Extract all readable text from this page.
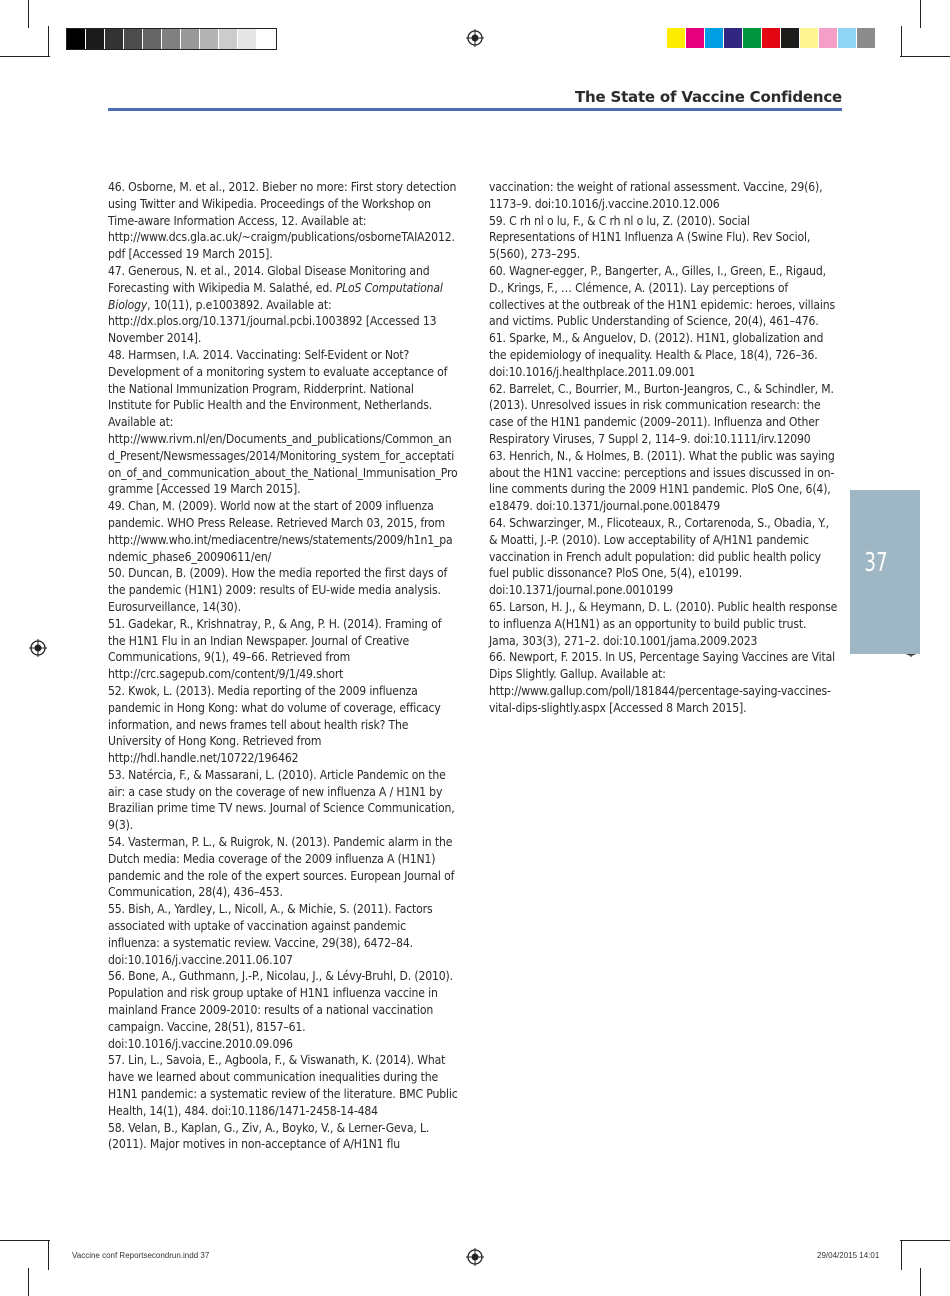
The State of Vaccine Confidence

46. Osborne, M. et al., 2012. Bieber no more: First story detection using Twitter and Wikipedia. Proceedings of the Workshop on Time-aware Information Access, 12. Available at: http://www.dcs.gla.ac.uk/~craigm/publications/osborneTAIA2012.pdf [Accessed 19 March 2015].

47. Generous, N. et al., 2014. Global Disease Monitoring and Forecasting with Wikipedia M. Salathé, ed. PLoS Computational Biology, 10(11), p.e1003892. Available at: http://dx.plos.org/10.1371/journal.pcbi.1003892 [Accessed 13 November 2014].

48. Harmsen, I.A. 2014. Vaccinating: Self-Evident or Not? Development of a monitoring system to evaluate acceptance of the National Immunization Program, Ridderprint. National Institute for Public Health and the Environment, Netherlands. Available at: http://www.rivm.nl/en/Documents_and_publications/Common_and_Present/Newsmessages/2014/Monitoring_system_for_acceptation_of_and_communication_about_the_National_Immunisation_Programme [Accessed 19 March 2015].

49. Chan, M. (2009). World now at the start of 2009 influenza pandemic. WHO Press Release. Retrieved March 03, 2015, from http://www.who.int/mediacentre/news/statements/2009/h1n1_pandemic_phase6_20090611/en/

50. Duncan, B. (2009). How the media reported the first days of the pandemic (H1N1) 2009: results of EU-wide media analysis. Eurosurveillance, 14(30).

51. Gadekar, R., Krishnatray, P., & Ang, P. H. (2014). Framing of the H1N1 Flu in an Indian Newspaper. Journal of Creative Communications, 9(1), 49–66. Retrieved from http://crc.sagepub.com/content/9/1/49.short

52. Kwok, L. (2013). Media reporting of the 2009 influenza pandemic in Hong Kong: what do volume of coverage, efficacy information, and news frames tell about health risk? The University of Hong Kong. Retrieved from http://hdl.handle.net/10722/196462

53. Natércia, F., & Massarani, L. (2010). Article Pandemic on the air: a case study on the coverage of new influenza A / H1N1 by Brazilian prime time TV news. Journal of Science Communication, 9(3).

54. Vasterman, P. L., & Ruigrok, N. (2013). Pandemic alarm in the Dutch media: Media coverage of the 2009 influenza A (H1N1) pandemic and the role of the expert sources. European Journal of Communication, 28(4), 436–453.

55. Bish, A., Yardley, L., Nicoll, A., & Michie, S. (2011). Factors associated with uptake of vaccination against pandemic influenza: a systematic review. Vaccine, 29(38), 6472–84. doi:10.1016/j.vaccine.2011.06.107

56. Bone, A., Guthmann, J.-P., Nicolau, J., & Lévy-Bruhl, D. (2010). Population and risk group uptake of H1N1 influenza vaccine in mainland France 2009-2010: results of a national vaccination campaign. Vaccine, 28(51), 8157–61. doi:10.1016/j.vaccine.2010.09.096

57. Lin, L., Savoia, E., Agboola, F., & Viswanath, K. (2014). What have we learned about communication inequalities during the H1N1 pandemic: a systematic review of the literature. BMC Public Health, 14(1), 484. doi:10.1186/1471-2458-14-484

58. Velan, B., Kaplan, G., Ziv, A., Boyko, V., & Lerner-Geva, L. (2011). Major motives in non-acceptance of A/H1N1 flu

vaccination: the weight of rational assessment. Vaccine, 29(6), 1173–9. doi:10.1016/j.vaccine.2010.12.006

59. C rh nl o lu, F., & C rh nl o lu, Z. (2010). Social Representations of H1N1 Influenza A (Swine Flu). Rev Sociol, 5(560), 273–295.

60. Wagner-egger, P., Bangerter, A., Gilles, I., Green, E., Rigaud, D., Krings, F., … Clémence, A. (2011). Lay perceptions of collectives at the outbreak of the H1N1 epidemic: heroes, villains and victims. Public Understanding of Science, 20(4), 461–476.

61. Sparke, M., & Anguelov, D. (2012). H1N1, globalization and the epidemiology of inequality. Health & Place, 18(4), 726–36. doi:10.1016/j.healthplace.2011.09.001

62. Barrelet, C., Bourrier, M., Burton-Jeangros, C., & Schindler, M. (2013). Unresolved issues in risk communication research: the case of the H1N1 pandemic (2009–2011). Influenza and Other Respiratory Viruses, 7 Suppl 2, 114–9. doi:10.1111/irv.12090

63. Henrich, N., & Holmes, B. (2011). What the public was saying about the H1N1 vaccine: perceptions and issues discussed in on-line comments during the 2009 H1N1 pandemic. PloS One, 6(4), e18479. doi:10.1371/journal.pone.0018479

64. Schwarzinger, M., Flicoteaux, R., Cortarenoda, S., Obadia, Y., & Moatti, J.-P. (2010). Low acceptability of A/H1N1 pandemic vaccination in French adult population: did public health policy fuel public dissonance? PloS One, 5(4), e10199. doi:10.1371/journal.pone.0010199

65. Larson, H. J., & Heymann, D. L. (2010). Public health response to influenza A(H1N1) as an opportunity to build public trust. Jama, 303(3), 271–2. doi:10.1001/jama.2009.2023

66. Newport, F. 2015. In US, Percentage Saying Vaccines are Vital Dips Slightly. Gallup. Available at: http://www.gallup.com/poll/181844/percentage-saying-vaccines-vital-dips-slightly.aspx [Accessed 8 March 2015].

37
Vaccine conf Reportsecondrun.indd 37	29/04/2015 14:01
